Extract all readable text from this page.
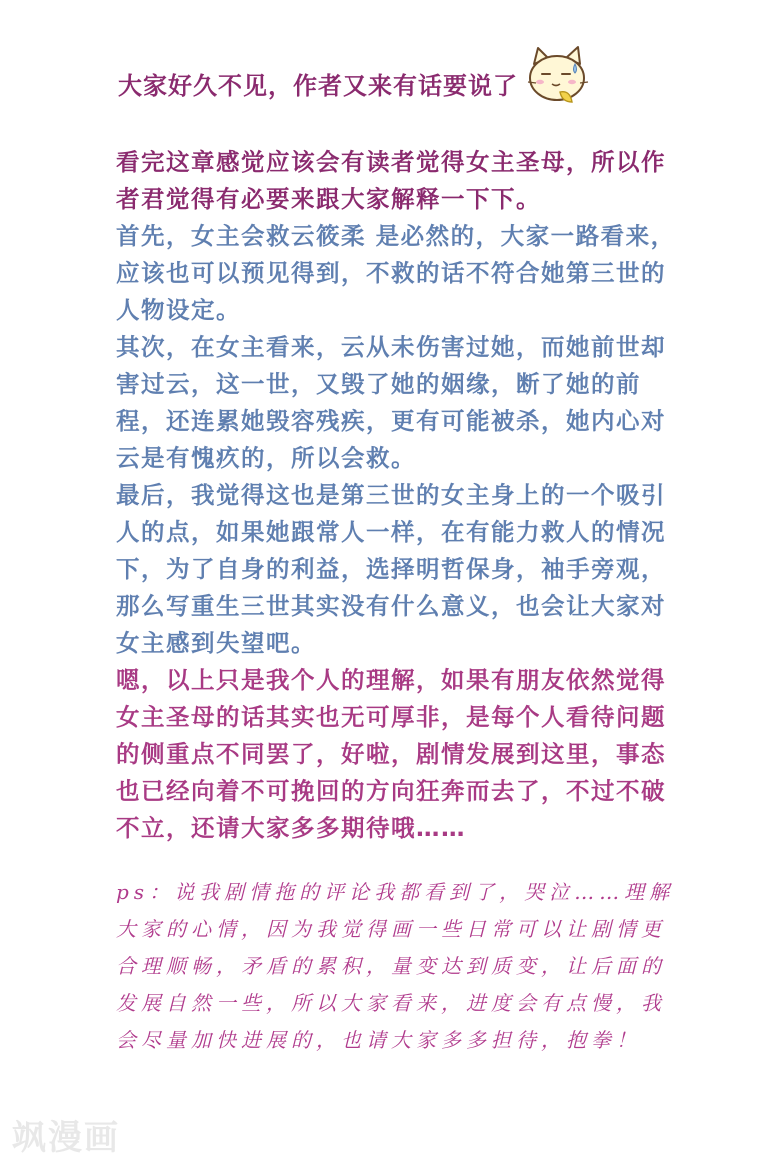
大家好久不见，作者又来有话要说了

看完这章感觉应该会有读者觉得女主圣母，所以作者君觉得有必要来跟大家解释一下下。

首先，女主会救云筱柔 是必然的，大家一路看来，应该也可以预见得到，不救的话不符合她第三世的人物设定。

其次，在女主看来，云从未伤害过她，而她前世却害过云，这一世，又毁了她的姻缘，断了她的前程，还连累她毁容残疾，更有可能被杀，她内心对云是有愧疚的，所以会救。

最后，我觉得这也是第三世的女主身上的一个吸引人的点，如果她跟常人一样，在有能力救人的情况下，为了自身的利益，选择明哲保身，袖手旁观，那么写重生三世其实没有什么意义，也会让大家对女主感到失望吧。

嗯，以上只是我个人的理解，如果有朋友依然觉得女主圣母的话其实也无可厚非，是每个人看待问题的侧重点不同罢了，好啦，剧情发展到这里，事态也已经向着不可挽回的方向狂奔而去了，不过不破不立，还请大家多多期待哦……

ps：说我剧情拖的评论我都看到了，哭泣……理解大家的心情，因为我觉得画一些日常可以让剧情更合理顺畅，矛盾的累积，量变达到质变，让后面的发展自然一些，所以大家看来，进度会有点慢，我会尽量加快进展的，也请大家多多担待，抱拳！

飒漫画
